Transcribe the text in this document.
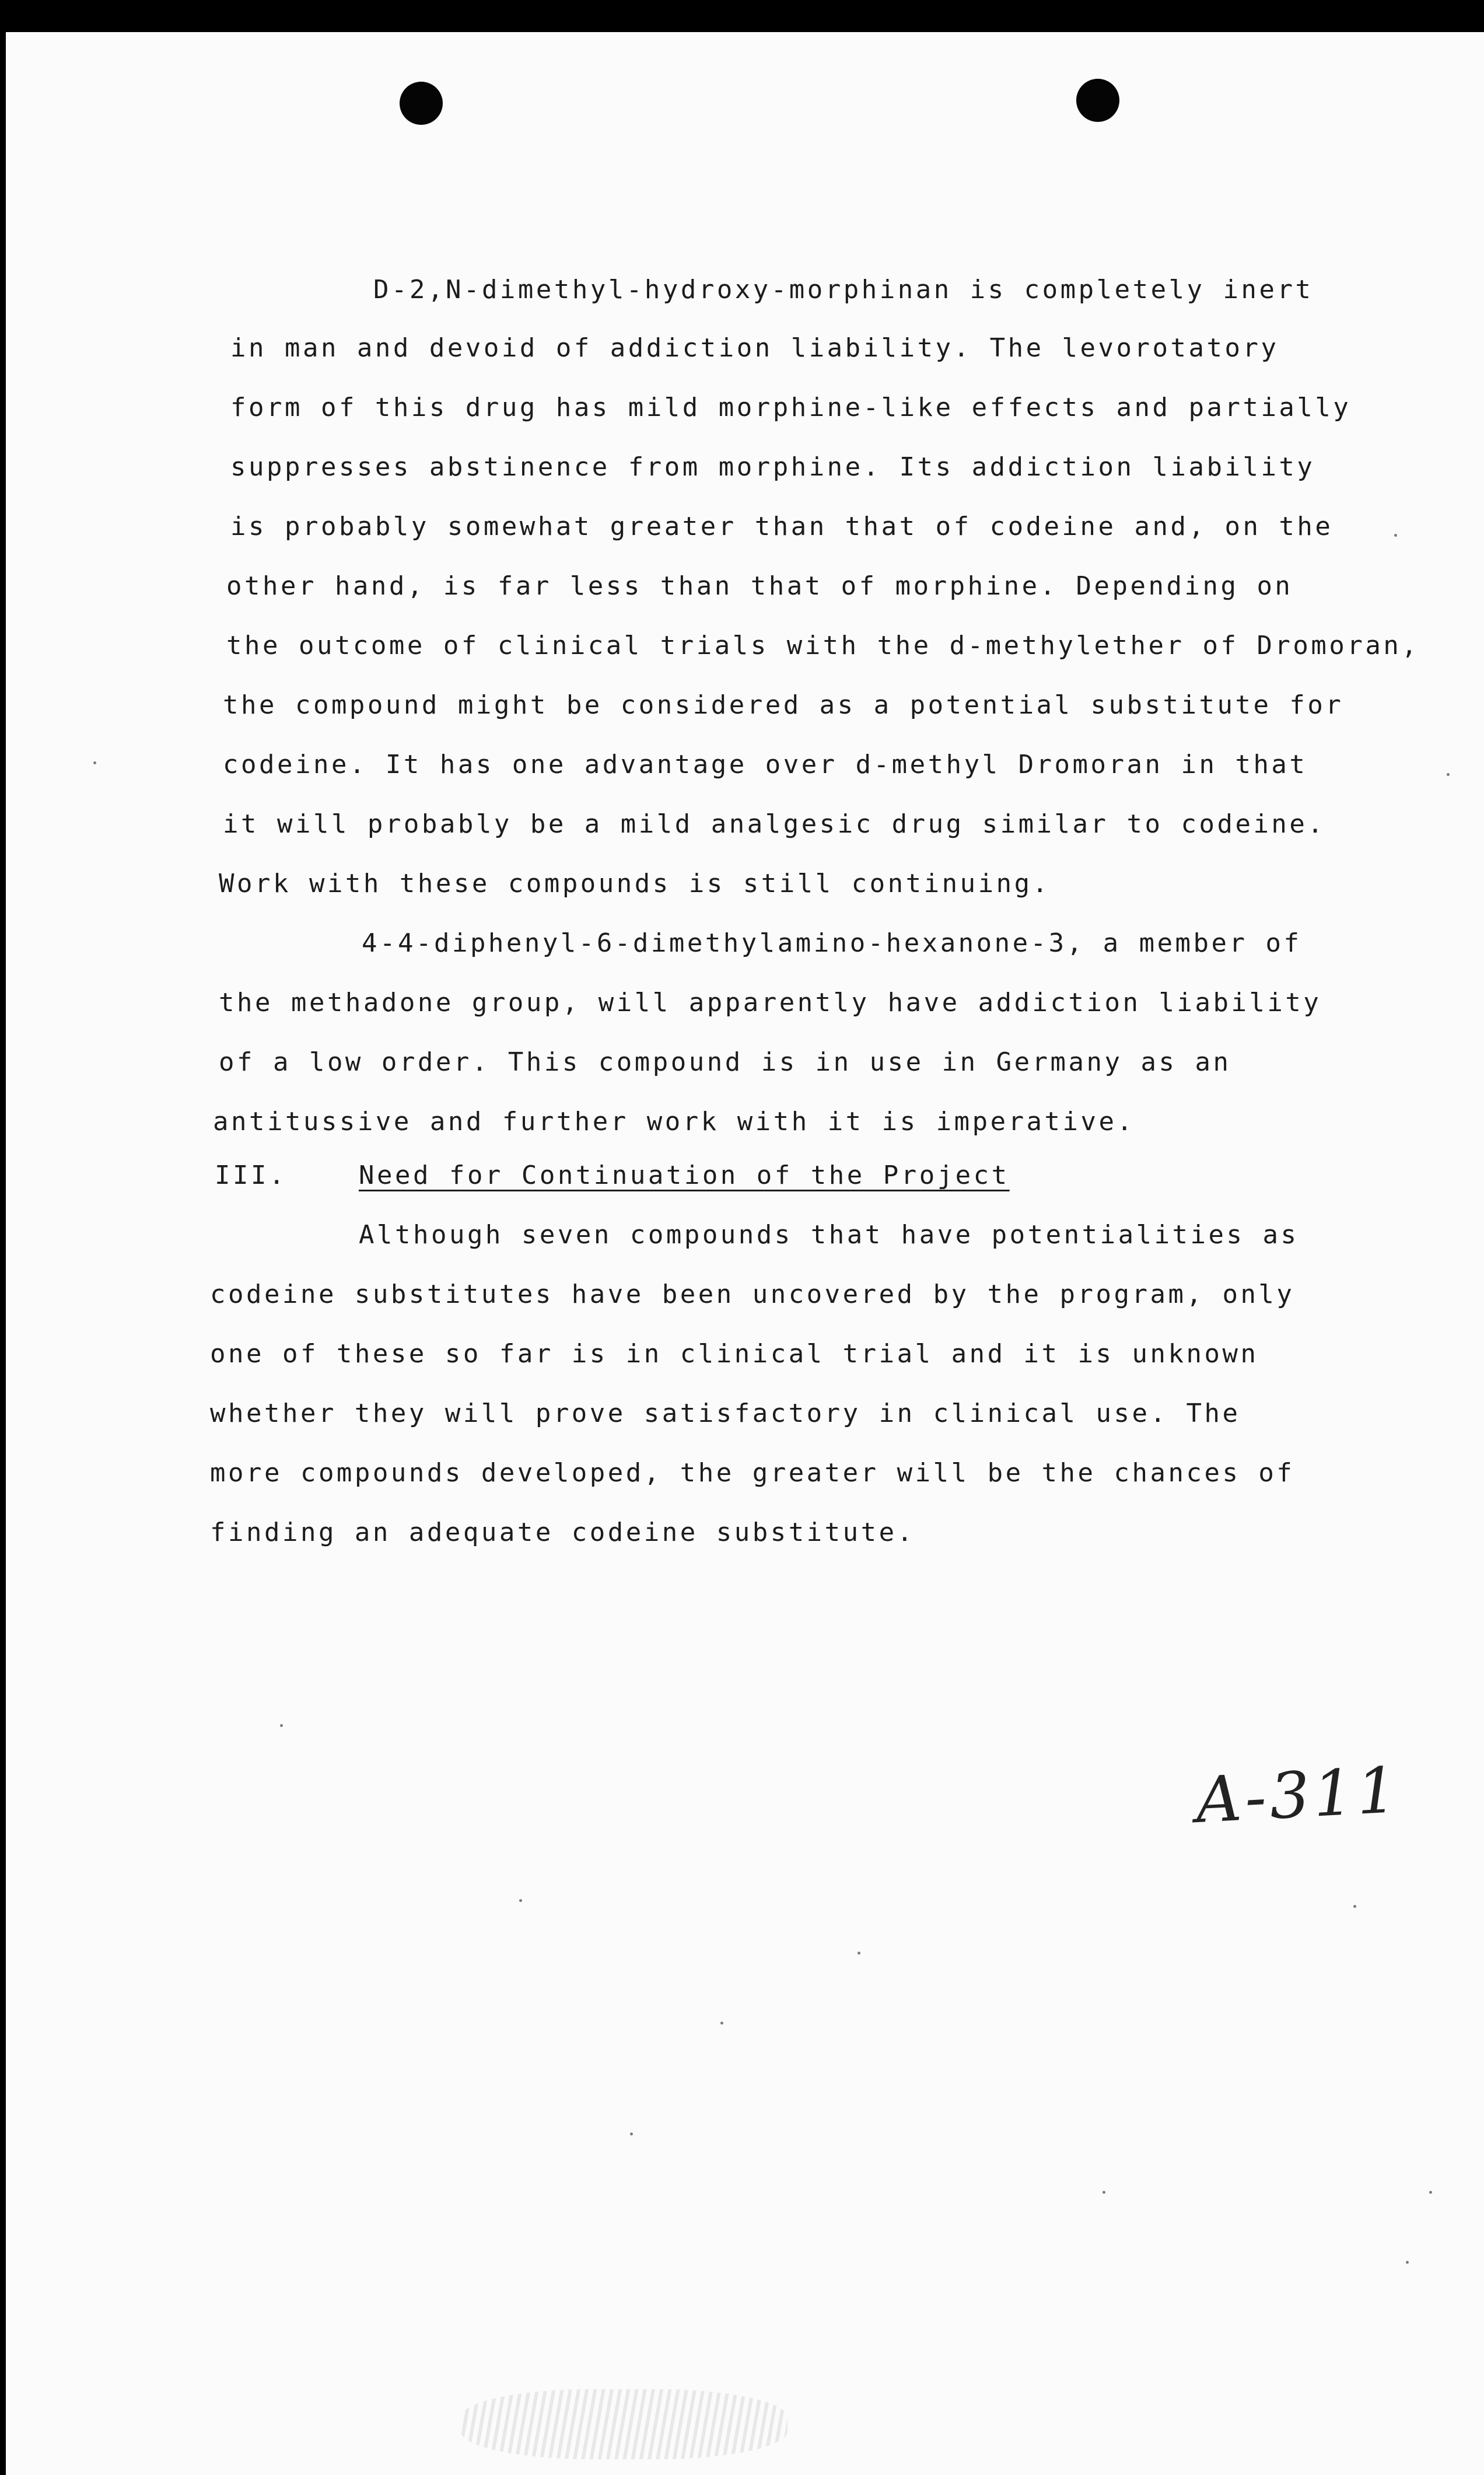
D-2,N-dimethyl-hydroxy-morphinan is completely inert
in man and devoid of addiction liability. The levorotatory
form of this drug has mild morphine-like effects and partially
suppresses abstinence from morphine. Its addiction liability
is probably somewhat greater than that of codeine and, on the
other hand, is far less than that of morphine. Depending on
the outcome of clinical trials with the d-methylether of Dromoran,
the compound might be considered as a potential substitute for
codeine. It has one advantage over d-methyl Dromoran in that
it will probably be a mild analgesic drug similar to codeine.
Work with these compounds is still continuing.
4-4-diphenyl-6-dimethylamino-hexanone-3, a member of
the methadone group, will apparently have addiction liability
of a low order. This compound is in use in Germany as an
antitussive and further work with it is imperative.
III.	Need for Continuation of the Project
Although seven compounds that have potentialities as
codeine substitutes have been uncovered by the program, only
one of these so far is in clinical trial and it is unknown
whether they will prove satisfactory in clinical use. The
more compounds developed, the greater will be the chances of
finding an adequate codeine substitute.
A-311
